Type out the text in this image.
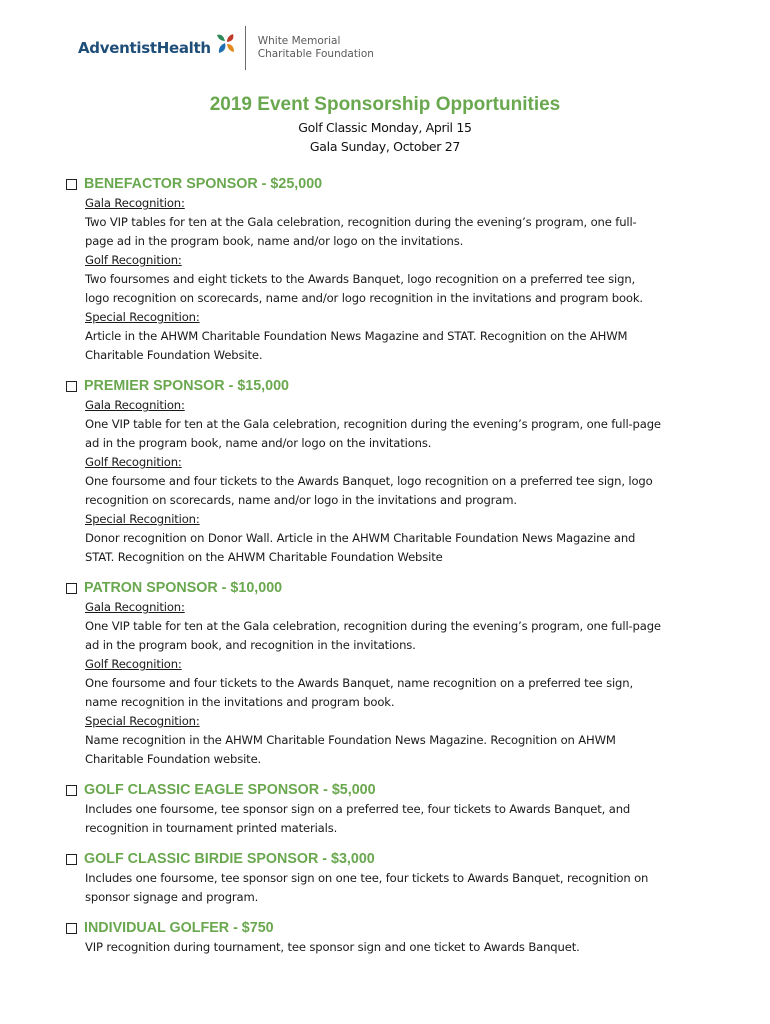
AdventistHealth	White Memorial
Charitable Foundation
2019 Event Sponsorship Opportunities
Golf Classic Monday, April 15
Gala Sunday, October 27
BENEFACTOR SPONSOR - $25,000
Gala Recognition:
Two VIP tables for ten at the Gala celebration, recognition during the evening’s program, one full-
page ad in the program book, name and/or logo on the invitations.
Golf Recognition:
Two foursomes and eight tickets to the Awards Banquet, logo recognition on a preferred tee sign,
logo recognition on scorecards, name and/or logo recognition in the invitations and program book.
Special Recognition:
Article in the AHWM Charitable Foundation News Magazine and STAT. Recognition on the AHWM
Charitable Foundation Website.
PREMIER SPONSOR - $15,000
Gala Recognition:
One VIP table for ten at the Gala celebration, recognition during the evening’s program, one full-page
ad in the program book, name and/or logo on the invitations.
Golf Recognition:
One foursome and four tickets to the Awards Banquet, logo recognition on a preferred tee sign, logo
recognition on scorecards, name and/or logo in the invitations and program.
Special Recognition:
Donor recognition on Donor Wall. Article in the AHWM Charitable Foundation News Magazine and
STAT. Recognition on the AHWM Charitable Foundation Website
PATRON SPONSOR - $10,000
Gala Recognition:
One VIP table for ten at the Gala celebration, recognition during the evening’s program, one full-page
ad in the program book, and recognition in the invitations.
Golf Recognition:
One foursome and four tickets to the Awards Banquet, name recognition on a preferred tee sign,
name recognition in the invitations and program book.
Special Recognition:
Name recognition in the AHWM Charitable Foundation News Magazine. Recognition on AHWM
Charitable Foundation website.
GOLF CLASSIC EAGLE SPONSOR - $5,000
Includes one foursome, tee sponsor sign on a preferred tee, four tickets to Awards Banquet, and
recognition in tournament printed materials.
GOLF CLASSIC BIRDIE SPONSOR - $3,000
Includes one foursome, tee sponsor sign on one tee, four tickets to Awards Banquet, recognition on
sponsor signage and program.
INDIVIDUAL GOLFER - $750
VIP recognition during tournament, tee sponsor sign and one ticket to Awards Banquet.
